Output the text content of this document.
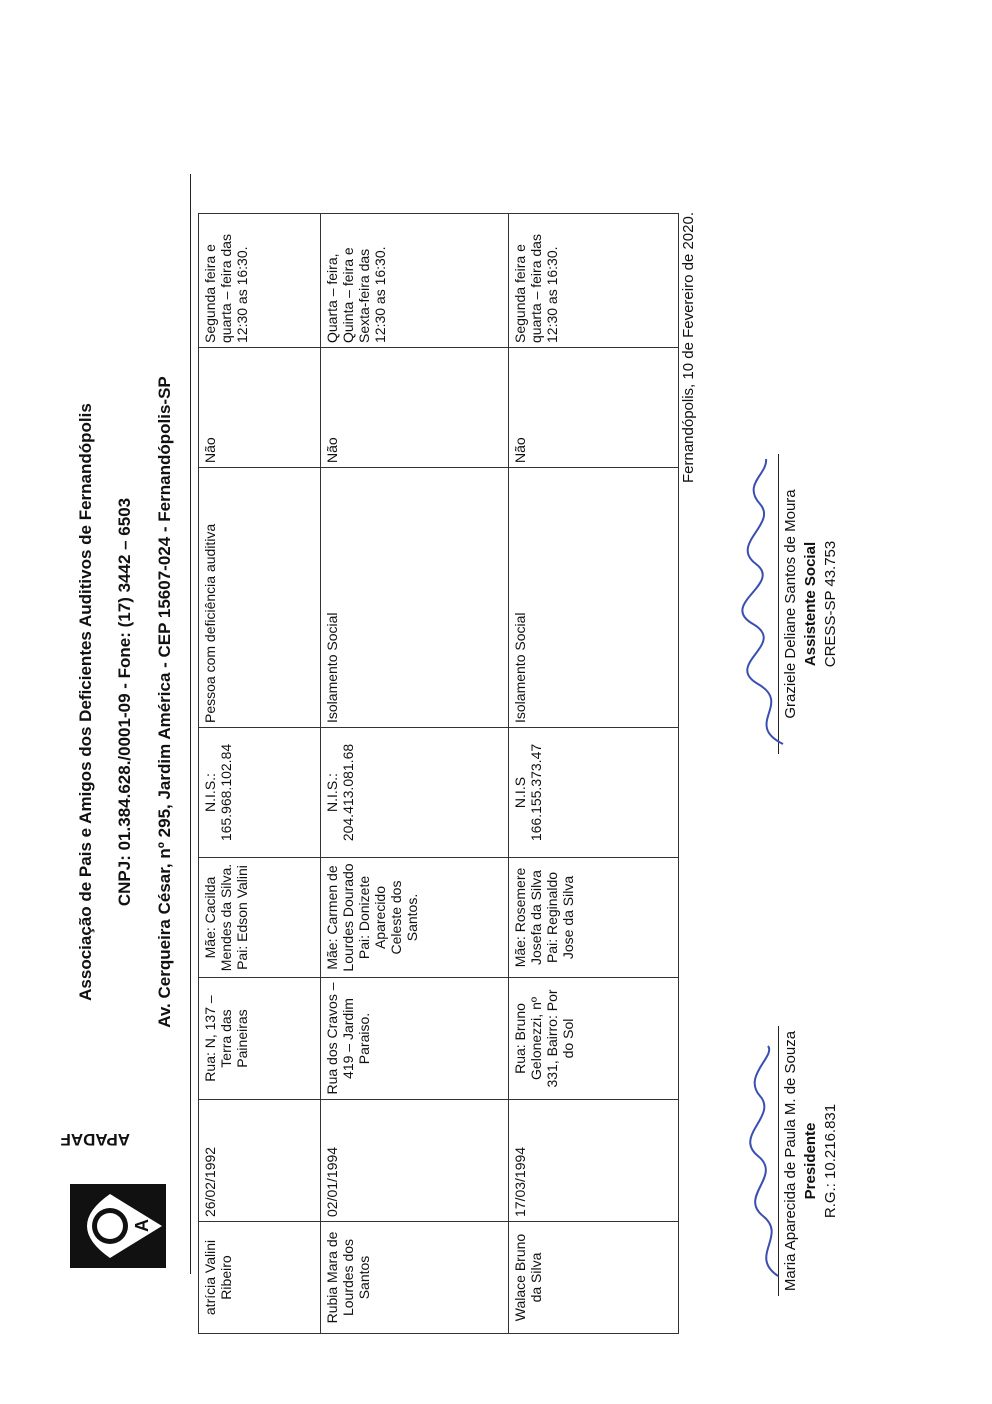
A
APADAF
Associação de Pais e Amigos dos Deficientes Auditivos de Fernandópolis CNPJ: 01.384.628./0001-09 - Fone: (17) 3442 – 6503 Av. Cerqueira César, nº 295, Jardim América - CEP 15607-024 - Fernandópolis-SP
atrícia Valini Ribeiro	26/02/1992	Rua: N, 137 – Terra das Paineiras	Mãe: Cacilda Mendes da Silva. Pai: Edson Valini	N.I.S.: 165.968.102.84	Pessoa com deficiência auditiva	Não	Segunda feira e quarta – feira das 12:30 as 16:30.
Rubia Mara de Lourdes dos Santos	02/01/1994	Rua dos Cravos – 419 – Jardim Paraiso.	Mãe: Carmen de Lourdes Dourado Pai: Donizete Aparecido Celeste dos Santos.	N.I.S.: 204.413.081.68	Isolamento Social	Não	Quarta – feira, Quinta – feira e Sexta-feira das 12:30 as 16:30.
Walace Bruno da Silva	17/03/1994	Rua: Bruno Gelonezzi, nº 331, Bairro: Por do Sol	Mãe: Rosemere Josefa da Silva Pai: Reginaldo Jose da Silva	N.I.S 166.155.373.47	Isolamento Social	Não	Segunda feira e quarta – feira das 12:30 as 16:30.	Fernandópolis, 10 de Fevereiro de 2020.
Maria Aparecida de Paula M. de Souza Presidente R.G.: 10.216.831
Graziele Deliane Santos de Moura Assistente Social CRESS-SP 43.753
